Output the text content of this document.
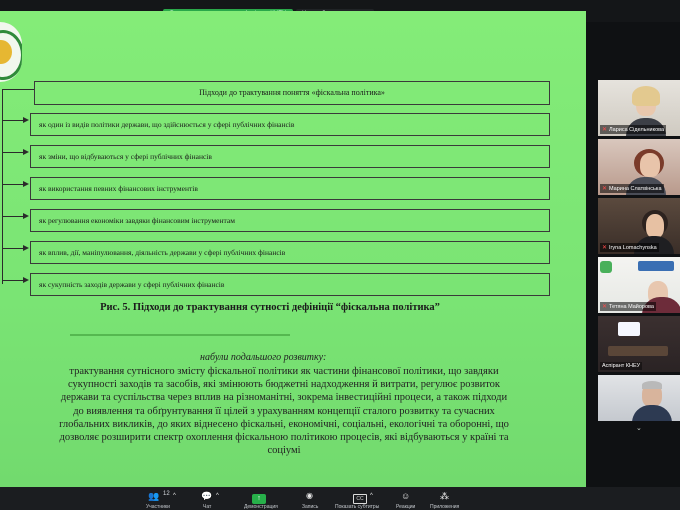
Підходи до трактування поняття «фіскальна політика»
як один із видів політики держави, що здійснюється у сфері публічних фінансів
як зміни, що відбуваються у сфері публічних фінансів
як використання певних фінансових інструментів
як регулювання економіки завдяки фінансовим інструментам
як вплив, дії, маніпулювання, діяльність держави у сфері публічних фінансів
як сукупність заходів держави у сфері публічних фінансів
Рис. 5. Підходи до трактування сутності дефініції “фіскальна політика”
набули подальшого розвитку:
трактування сутнісного змісту фіскальної політики як частини фінансової політики, що завдяки
сукупності заходів та засобів, які змінюють бюджетні надходження й витрати, регулює розвиток
держави та суспільства через вплив на різноманітні, зокрема інвестиційні процеси, а також підходи
до виявлення та обґрунтування її цілей з урахуванням концепції сталого розвитку та сучасних
глобальних викликів, до яких віднесено фіскальні, економічні, соціальні, екологічні та оборонні, що
дозволяє розширити спектр охоплення фіскальною політикою процесів, які відбуваються у країні та
соціумі
✕ Лариса Сідельникова
✕ Марина Слатвінська
✕ Iryna Lomachynska
✕ Тетяна Майорова
Аспірант КНЕУ
⌄
👥 12 ^
Участники
💬 ^
Чат
↑
Демонстрация
◉
Запись
CC	^
Показать субтитры
☺
Реакции
⁂
Приложения
